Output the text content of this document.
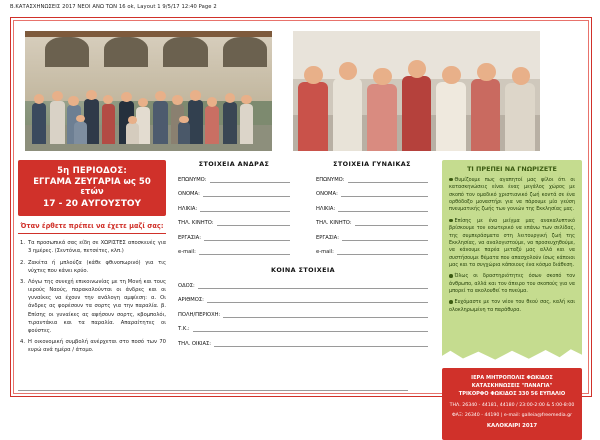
B.ΚΑΤΑΣΧΗΝΩΣΕΙΣ 2017 ΝΕΟΙ ΑΝΩ ΤΩΝ 16 ok, Layout 1 9/5/17 12:40 Page 2
5η ΠΕΡΙΟΔΟΣ:
ΕΓΓΑΜΑ ΖΕΥΓΑΡΙΑ ως 50 ετών
17 - 20 ΑΥΓΟΥΣΤΟΥ
Όταν έρθετε πρέπει να έχετε μαζί σας:
1. Τα προσωπικά σας είδη σε ΧΩΡΙΣΤΕΣ αποσκευές για 3 ημέρες. (Σεντόνια, πετσέτες, κλπ.)
2. Ζακέτα ή μπλούζα (κάθε φθινοπωρινό) για τις νύχτες που κάνει κρύο.
3. Λόγω της συνεχή επικοινωνίας με τη Μονή και τους ιερούς Ναούς, παρακαλούνται οι άνδρες και οι γυναίκες να έχουν την ανάλογη αμφίεση: α. Οι άνδρες ας φορέσουν τα σορτς για την παραλία. β. Επίσης οι γυναίκες ας αφήσουν σορτς, κβομπολόι, τιραντάκια και τα παραλία. Απαραίτητες οι φούστες.
4. Η οικονομική συμβολή ανέρχεται στο ποσό των 70 ευρώ ανά ημέρα / άτομο.
ΣΤΟΙΧΕΙΑ ΑΝΔΡΑΣ
ΕΠΩΝΥΜΟ:
ΟΝΟΜΑ:
ΗΛΙΚΙΑ:
ΤΗΛ. ΚΙΝΗΤΟ:
ΕΡΓΑΣΙΑ:
e-mail:
ΣΤΟΙΧΕΙΑ ΓΥΝΑΙΚΑΣ
ΕΠΩΝΥΜΟ:
ΟΝΟΜΑ:
ΗΛΙΚΙΑ:
ΤΗΛ. ΚΙΝΗΤΟ:
ΕΡΓΑΣΙΑ:
e-mail:
ΚΟΙΝΑ ΣΤΟΙΧΕΙΑ
ΟΔΟΣ:
ΑΡΙΘΜΟΣ:
ΠΟΛΗ/ΠΕΡΙΟΧΗ:
Τ.Κ.:
ΤΗΛ. ΟΙΚΙΑΣ:
ΤΙ ΠΡΕΠΕΙ ΝΑ ΓΝΩΡΙΖΕΤΕ
Θυμίζουμε πως αγαπητοί μας φίλοι ότι οι κατασκηνώσεις είναι ένας μεγάλος χώρος με σκοπό τον ομαδικό χριστιανικό ζωή κοντά σε ένα ορθόδοξο μοναστήρι για να πάρουμε μία γεύση πνευματικής ζωής των γονιών της Εκκλησίας μας.
Επίσης με ένα μείγμα μας ανακαλυπτικό βρίσκουμε τον εσωτερικό να επάνω των σελίδας, της συμπεράσματα στη λειτουργική ζωή της Εκκλησίας, να αναλογιστούμε, να προσευχηθούμε, να κάνουμε παρέα μεταξύ μας αλλά και να συστήσουμε θέματα που απασχολούν ίσως κάποιοι μας και τα συγχώρια κάποιους ένα κόσμο διάθεση.
Όλως οι δραστηριότητες όσων σκοπό τον άνθρωπο, αλλά και τον άπειρο του σκοπούς για να μπορεί τα ακολουθεί το πνεύμα.
Ευχόμαστε με τον νέον του θεού σας, καλή και ολοκληρωμένη τα παράθυρα.
ΙΕΡΑ ΜΗΤΡΟΠΟΛΙΣ ΦΩΚΙΔΟΣ
ΚΑΤΑΣΚΗΝΩΣΕΙΣ "ΠΑΝΑΓΙΑ"
ΤΡΙΚΟΡΦΟ ΦΩΚΙΔΟΣ 330 56 ΕΥΠΑΛΙΟ
ΤΗΛ. 26340 - 44181, 44180 / 23:00-2:00 & 5:00-8:00
ΦΑΞ: 26340 - 44190 | e-mail: galleia@freemedia.gr
ΚΑΛΟΚΑΙΡΙ 2017
